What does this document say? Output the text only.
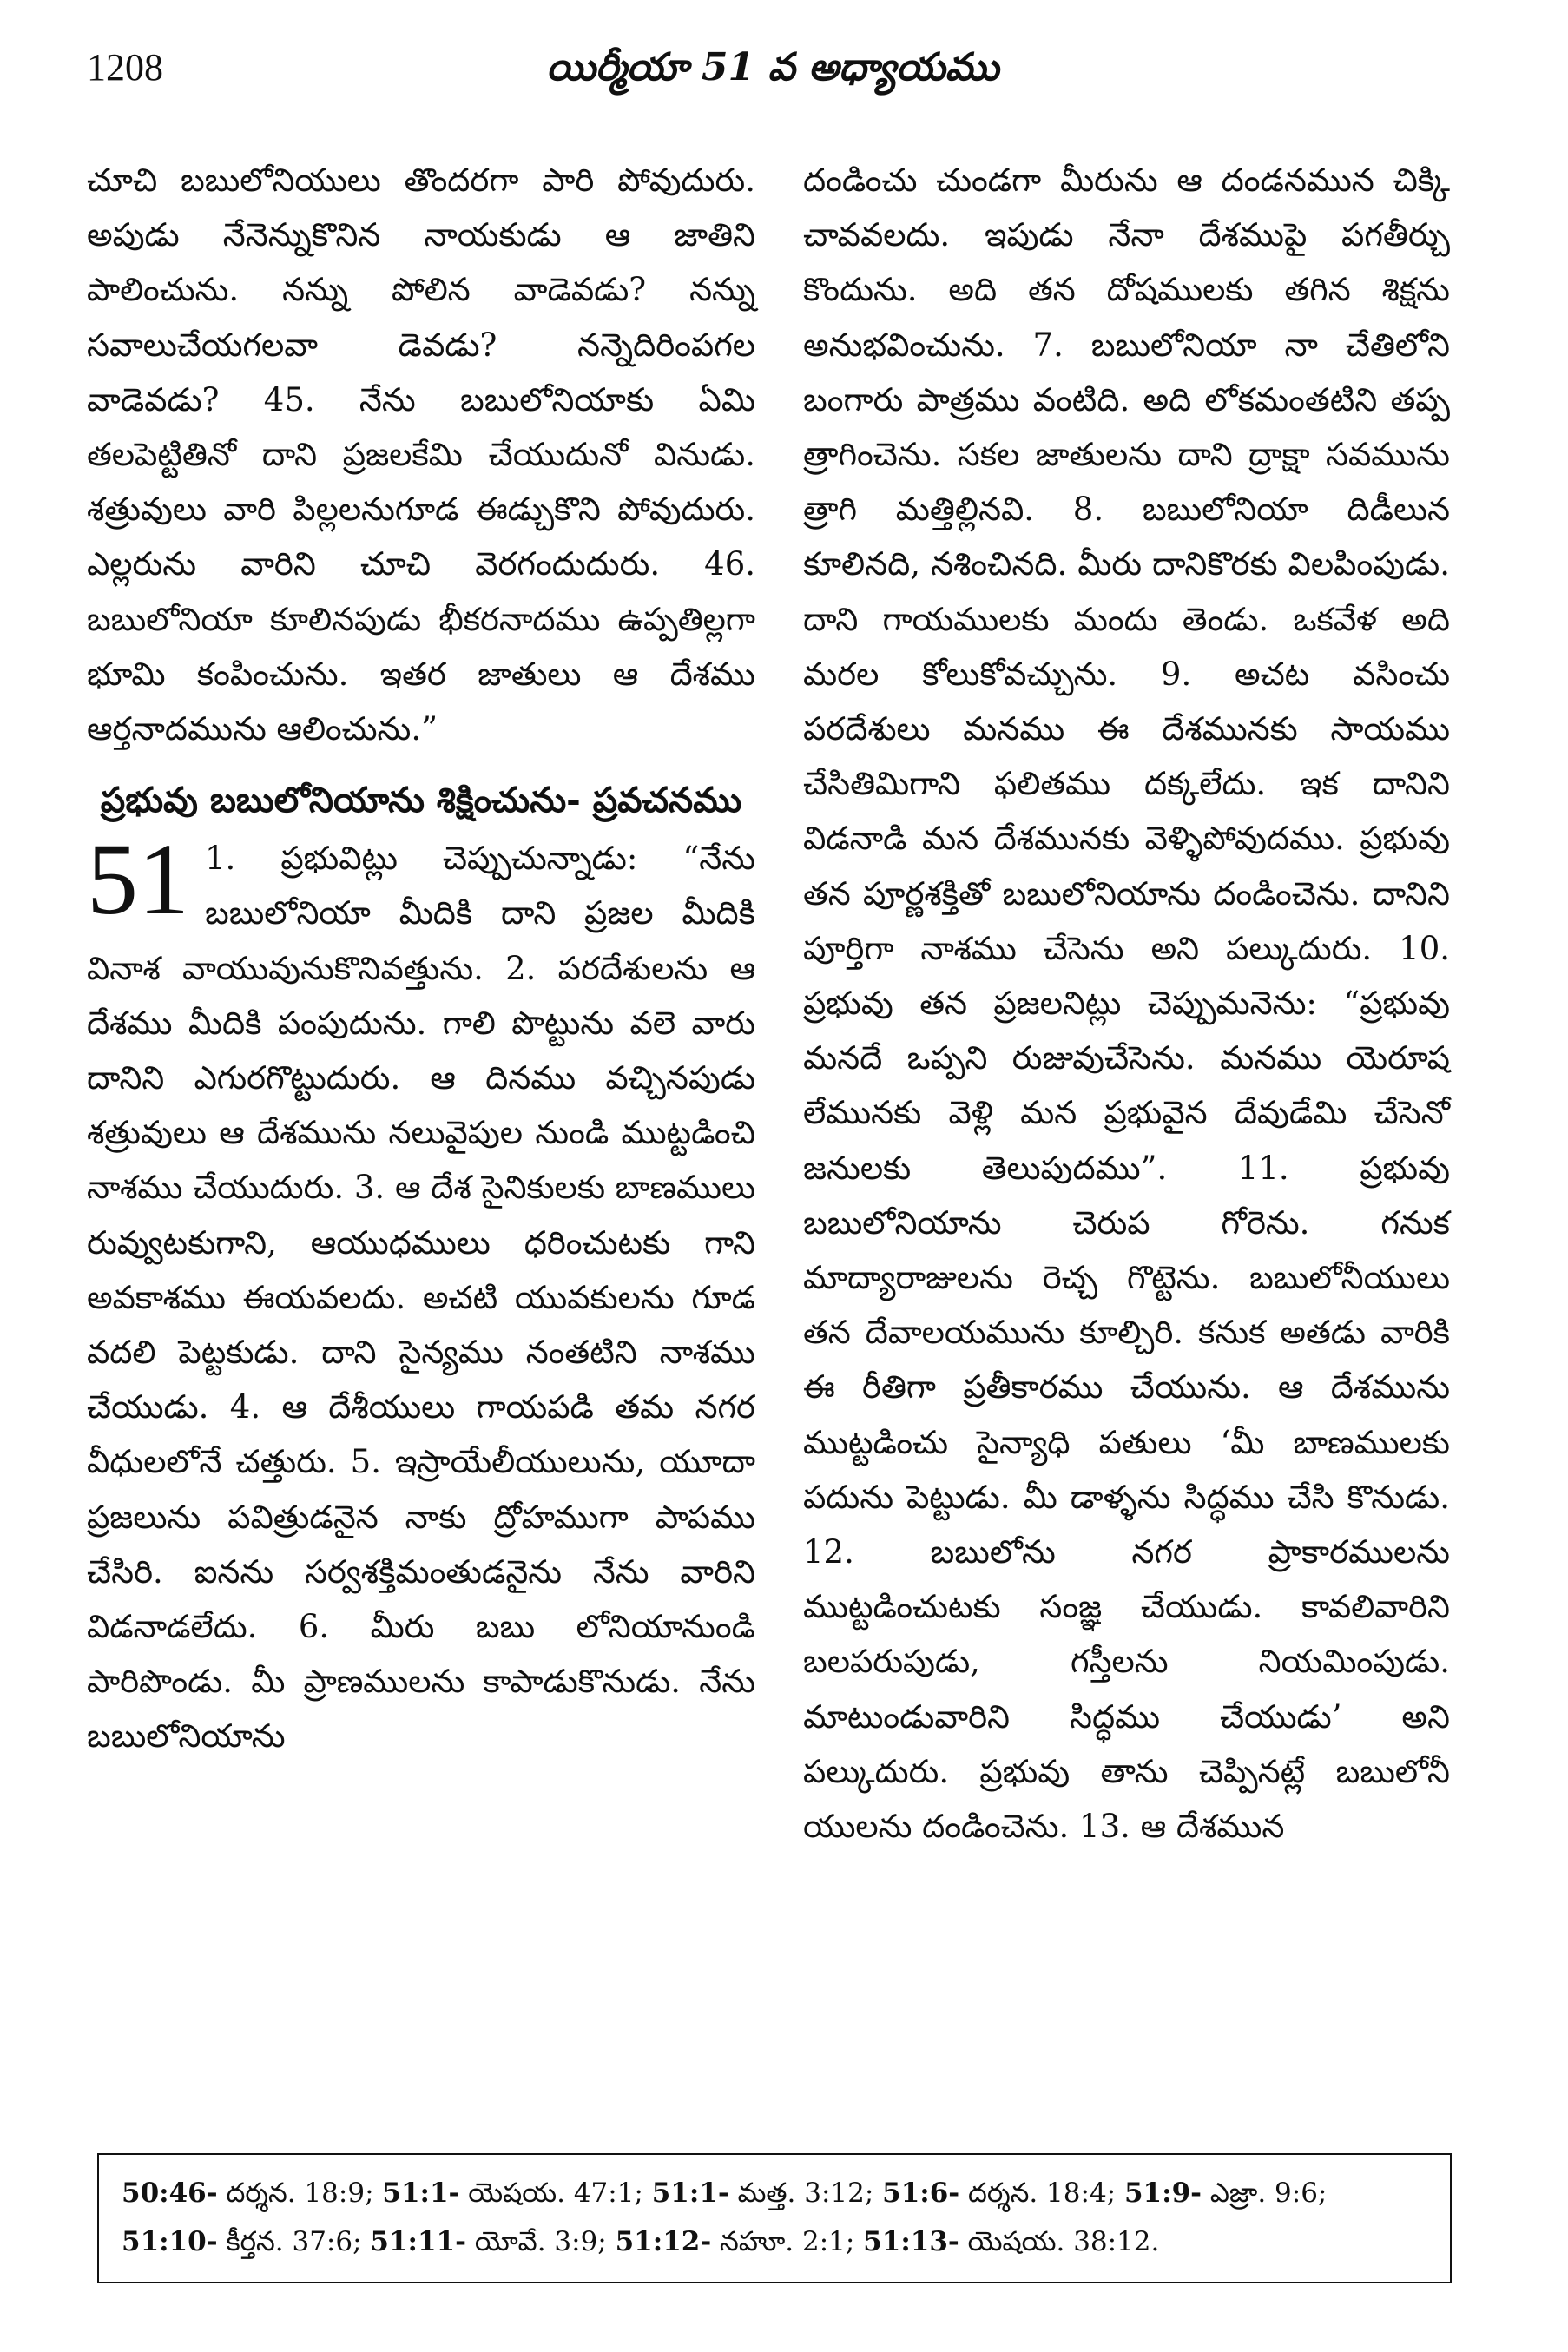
1208	యిర్మీయా 51 వ అధ్యాయము

చూచి బబులోనియులు తొందరగా పారి పోవుదురు. అపుడు నేనెన్నుకొనిన నాయకుడు ఆ జాతిని పాలించును. నన్ను పోలిన వాడెవడు? నన్ను సవాలుచేయగలవా డెవడు? నన్నెదిరింపగల వాడెవడు? 45. నేను బబులోనియాకు ఏమి తలపెట్టితినో దాని ప్రజలకేమి చేయుదునో వినుడు. శత్రువులు వారి పిల్లలనుగూడ ఈడ్చుకొని పోవుదురు. ఎల్లరును వారిని చూచి వెరగందుదురు. 46. బబులోనియా కూలినపుడు భీకరనాదము ఉప్పతిల్లగా భూమి కంపించును. ఇతర జాతులు ఆ దేశము ఆర్తనాదమును ఆలించును.”

ప్రభువు బబులోనియాను శిక్షించును- ప్రవచనము

51 1. ప్రభువిట్లు చెప్పుచున్నాడు: “నేను బబులోనియా మీదికి దాని ప్రజల మీదికి వినాశ వాయువునుకొనివత్తును. 2. పరదేశులను ఆ దేశము మీదికి పంపుదును. గాలి పొట్టును వలె వారు దానిని ఎగురగొట్టుదురు. ఆ దినము వచ్చినపుడు శత్రువులు ఆ దేశమును నలువైపుల నుండి ముట్టడించి నాశము చేయుదురు. 3. ఆ దేశ సైనికులకు బాణములు రువ్వుటకుగాని, ఆయుధములు ధరించుటకు గాని అవకాశము ఈయవలదు. అచటి యువకులను గూడ వదలి పెట్టకుడు. దాని సైన్యము నంతటిని నాశము చేయుడు. 4. ఆ దేశీయులు గాయపడి తమ నగర వీధులలోనే చత్తురు. 5. ఇస్రాయేలీయులును, యూదా ప్రజలును పవిత్రుడనైన నాకు ద్రోహముగా పాపము చేసిరి. ఐనను సర్వశక్తిమంతుడనైను నేను వారిని విడనాడలేదు. 6. మీరు బబు లోనియానుండి పారిపొండు. మీ ప్రాణములను కాపాడుకొనుడు. నేను బబులోనియాను

దండించు చుండగా మీరును ఆ దండనమున చిక్కి చావవలదు. ఇపుడు నేనా దేశముపై పగతీర్చు కొందును. అది తన దోషములకు తగిన శిక్షను అనుభవించును. 7. బబులోనియా నా చేతిలోని బంగారు పాత్రము వంటిది. అది లోకమంతటిని తప్ప త్రాగించెను. సకల జాతులను దాని ద్రాక్షా సవమును త్రాగి మత్తిల్లినవి. 8. బబులోనియా దిడీలున కూలినది, నశించినది. మీరు దానికొరకు విలపింపుడు. దాని గాయములకు మందు తెండు. ఒకవేళ అది మరల కోలుకోవచ్చును. 9. అచట వసించు పరదేశులు మనము ఈ దేశమునకు సాయము చేసితిమిగాని ఫలితము దక్కలేదు. ఇక దానిని విడనాడి మన దేశమునకు వెళ్ళిపోవుదము. ప్రభువు తన పూర్ణశక్తితో బబులోనియాను దండించెను. దానిని పూర్తిగా నాశము చేసెను అని పల్కుదురు. 10. ప్రభువు తన ప్రజలనిట్లు చెప్పుమనెను: “ప్రభువు మనదే ఒప్పని రుజువుచేసెను. మనము యెరూష లేమునకు వెళ్లి మన ప్రభువైన దేవుడేమి చేసెనో జనులకు తెలుపుదము”. 11. ప్రభువు బబులోనియాను చెరుప గోరెను. గనుక మాద్యారాజులను రెచ్చ గొట్టెను. బబులోనీయులు తన దేవాలయమును కూల్చిరి. కనుక అతడు వారికి ఈ రీతిగా ప్రతీకారము చేయును. ఆ దేశమును ముట్టడించు సైన్యాధి పతులు ‘మీ బాణములకు పదును పెట్టుడు. మీ డాళ్ళను సిద్ధము చేసి కొనుడు. 12. బబులోను నగర ప్రాకారములను ముట్టడించుటకు సంజ్ఞ చేయుడు. కావలివారిని బలపరుపుడు, గస్తీలను నియమింపుడు. మాటుండువారిని సిద్ధము చేయుడు’ అని పల్కుదురు. ప్రభువు తాను చెప్పినట్లే బబులోనీ యులను దండించెను. 13. ఆ దేశమున

50:46- దర్శన. 18:9; 51:1- యెషయ. 47:1; 51:1- మత్త. 3:12; 51:6- దర్శన. 18:4; 51:9- ఎజ్రా. 9:6; 51:10- కీర్తన. 37:6; 51:11- యోవే. 3:9; 51:12- నహూ. 2:1; 51:13- యెషయ. 38:12.
